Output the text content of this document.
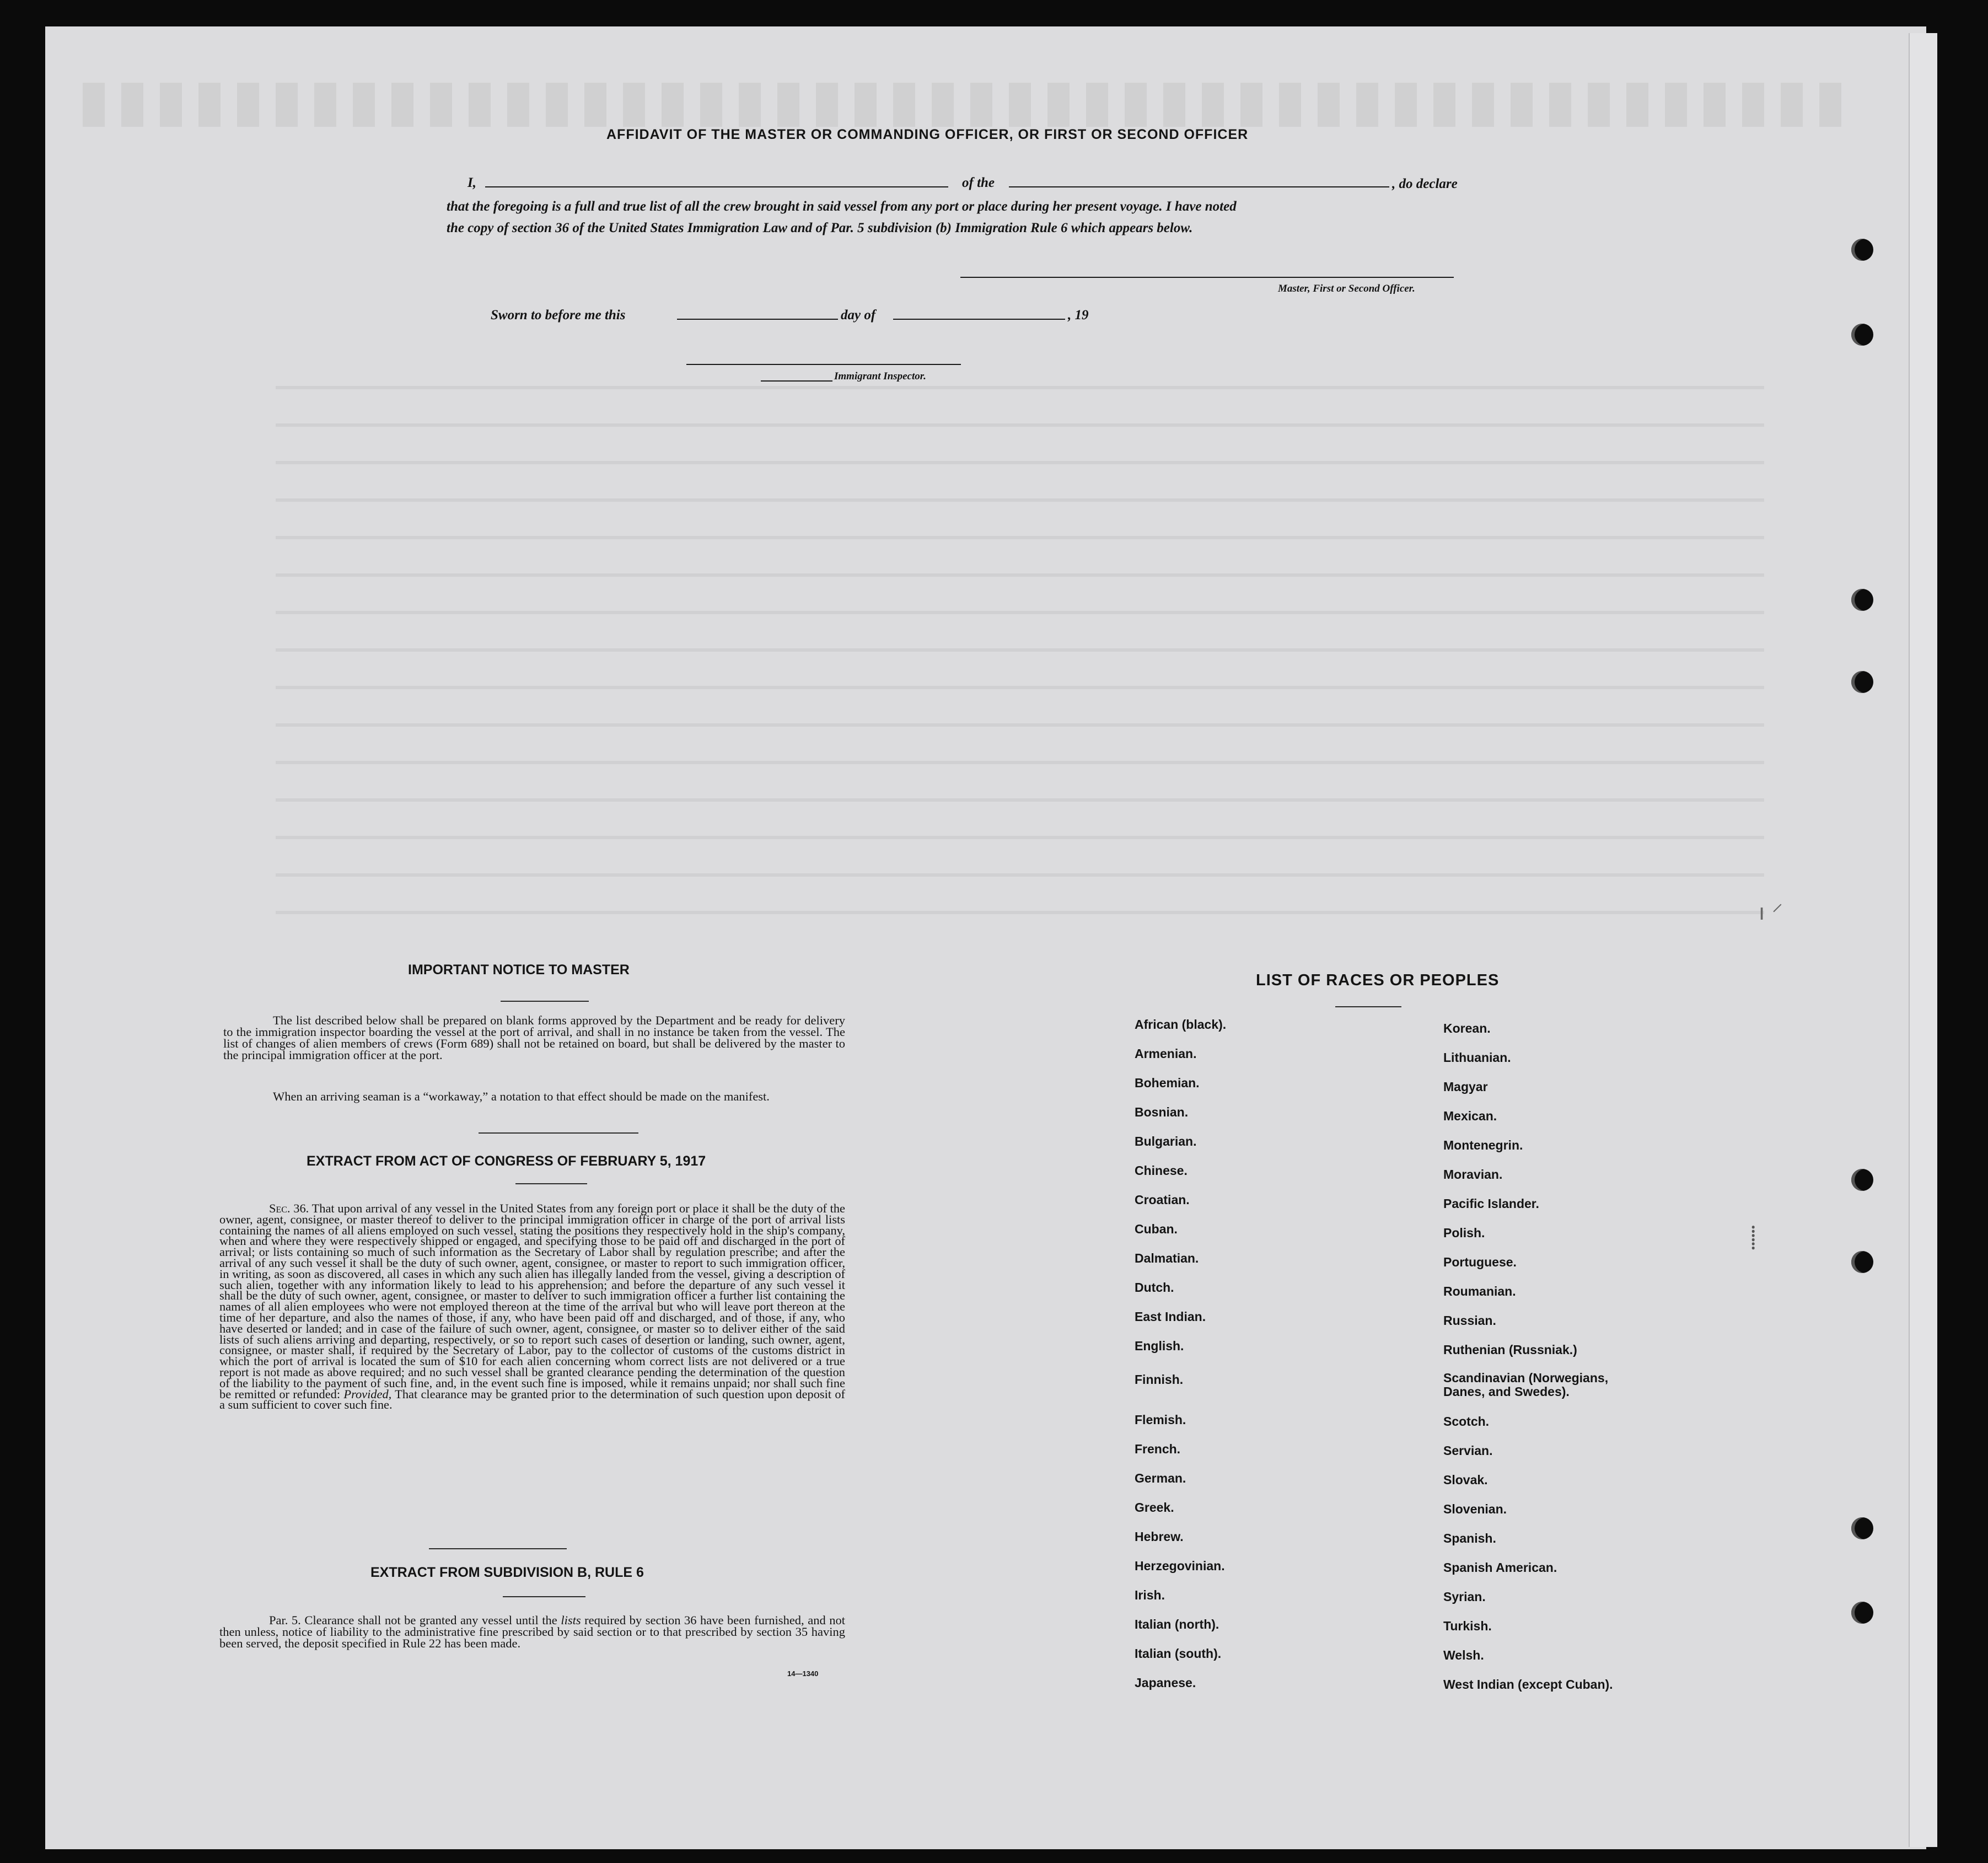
AFFIDAVIT OF THE MASTER OR COMMANDING OFFICER, OR FIRST OR SECOND OFFICER
I,	of the	, do declare
that the foregoing is a full and true list of all the crew brought in said vessel from any port or place during her present voyage. I have noted
the copy of section 36 of the United States Immigration Law and of Par. 5 subdivision (b) Immigration Rule 6 which appears below.
Master, First or Second Officer.
Sworn to before me this	day of	, 19
Immigrant Inspector.
IMPORTANT NOTICE TO MASTER
The list described below shall be prepared on blank forms approved by the Department and be ready for delivery to the immigration inspector boarding the vessel at the port of arrival, and shall in no instance be taken from the vessel. The list of changes of alien members of crews (Form 689) shall not be retained on board, but shall be delivered by the master to the principal immigration officer at the port.
When an arriving seaman is a “workaway,” a notation to that effect should be made on the manifest.
EXTRACT FROM ACT OF CONGRESS OF FEBRUARY 5, 1917
Sec. 36. That upon arrival of any vessel in the United States from any foreign port or place it shall be the duty of the owner, agent, consignee, or master thereof to deliver to the principal immigration officer in charge of the port of arrival lists containing the names of all aliens employed on such vessel, stating the positions they respectively hold in the ship's company, when and where they were respectively shipped or engaged, and specifying those to be paid off and discharged in the port of arrival; or lists containing so much of such information as the Secretary of Labor shall by regulation prescribe; and after the arrival of any such vessel it shall be the duty of such owner, agent, consignee, or master to report to such immigration officer, in writing, as soon as discovered, all cases in which any such alien has illegally landed from the vessel, giving a description of such alien, together with any information likely to lead to his apprehension; and before the departure of any such vessel it shall be the duty of such owner, agent, consignee, or master to deliver to such immigration officer a further list containing the names of all alien employees who were not employed thereon at the time of the arrival but who will leave port thereon at the time of her departure, and also the names of those, if any, who have been paid off and discharged, and of those, if any, who have deserted or landed; and in case of the failure of such owner, agent, consignee, or master so to deliver either of the said lists of such aliens arriving and departing, respectively, or so to report such cases of desertion or landing, such owner, agent, consignee, or master shall, if required by the Secretary of Labor, pay to the collector of customs of the customs district in which the port of arrival is located the sum of $10 for each alien concerning whom correct lists are not delivered or a true report is not made as above required; and no such vessel shall be granted clearance pending the determination of the question of the liability to the payment of such fine, and, in the event such fine is imposed, while it remains unpaid; nor shall such fine be remitted or refunded: Provided, That clearance may be granted prior to the determination of such question upon deposit of a sum sufficient to cover such fine.
EXTRACT FROM SUBDIVISION B, RULE 6
Par. 5. Clearance shall not be granted any vessel until the lists required by section 36 have been furnished, and not then unless, notice of liability to the administrative fine prescribed by said section or to that prescribed by section 35 having been served, the deposit specified in Rule 22 has been made.
14—1340
LIST OF RACES OR PEOPLES
ı ⸍
⸽
African (black).
Armenian.
Bohemian.
Bosnian.
Bulgarian.
Chinese.
Croatian.
Cuban.
Dalmatian.
Dutch.
East Indian.
English.
Finnish.
Flemish.
French.
German.
Greek.
Hebrew.
Herzegovinian.
Irish.
Italian (north).
Italian (south).
Japanese.
Korean.
Lithuanian.
Magyar
Mexican.
Montenegrin.
Moravian.
Pacific Islander.
Polish.
Portuguese.
Roumanian.
Russian.
Ruthenian (Russniak.)
Scandinavian (Norwegians, Danes, and Swedes).
Scotch.
Servian.
Slovak.
Slovenian.
Spanish.
Spanish American.
Syrian.
Turkish.
Welsh.
West Indian (except Cuban).
